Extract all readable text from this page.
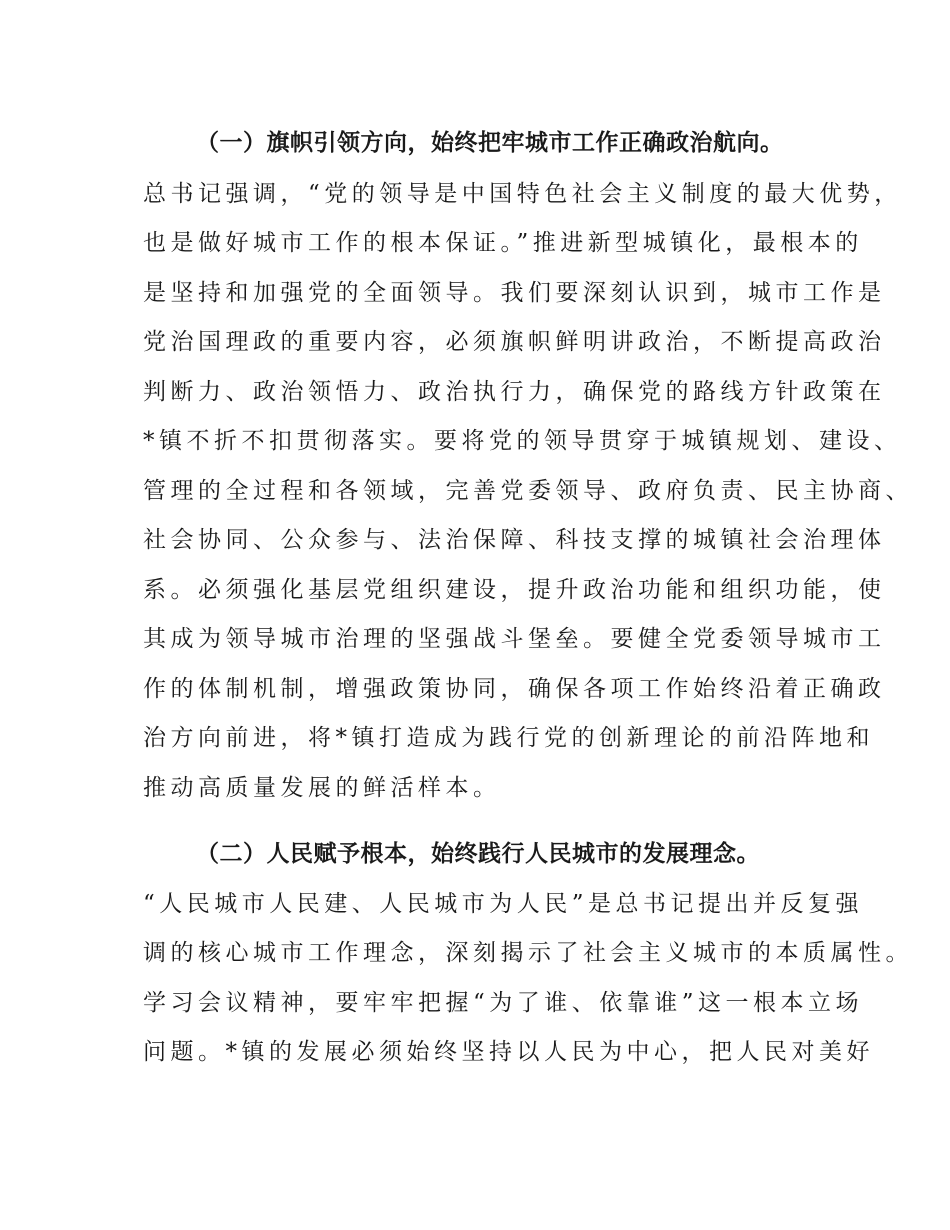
（一）旗帜引领方向，始终把牢城市工作正确政治航向。
总书记强调，“党的领导是中国特色社会主义制度的最大优势，
也是做好城市工作的根本保证。”推进新型城镇化，最根本的
是坚持和加强党的全面领导。我们要深刻认识到，城市工作是
党治国理政的重要内容，必须旗帜鲜明讲政治，不断提高政治
判断力、政治领悟力、政治执行力，确保党的路线方针政策在
*镇不折不扣贯彻落实。要将党的领导贯穿于城镇规划、建设、
管理的全过程和各领域，完善党委领导、政府负责、民主协商、
社会协同、公众参与、法治保障、科技支撑的城镇社会治理体
系。必须强化基层党组织建设，提升政治功能和组织功能，使
其成为领导城市治理的坚强战斗堡垒。要健全党委领导城市工
作的体制机制，增强政策协同，确保各项工作始终沿着正确政
治方向前进，将*镇打造成为践行党的创新理论的前沿阵地和
推动高质量发展的鲜活样本。
（二）人民赋予根本，始终践行人民城市的发展理念。
“人民城市人民建、人民城市为人民”是总书记提出并反复强
调的核心城市工作理念，深刻揭示了社会主义城市的本质属性。
学习会议精神，要牢牢把握“为了谁、依靠谁”这一根本立场
问题。*镇的发展必须始终坚持以人民为中心，把人民对美好
